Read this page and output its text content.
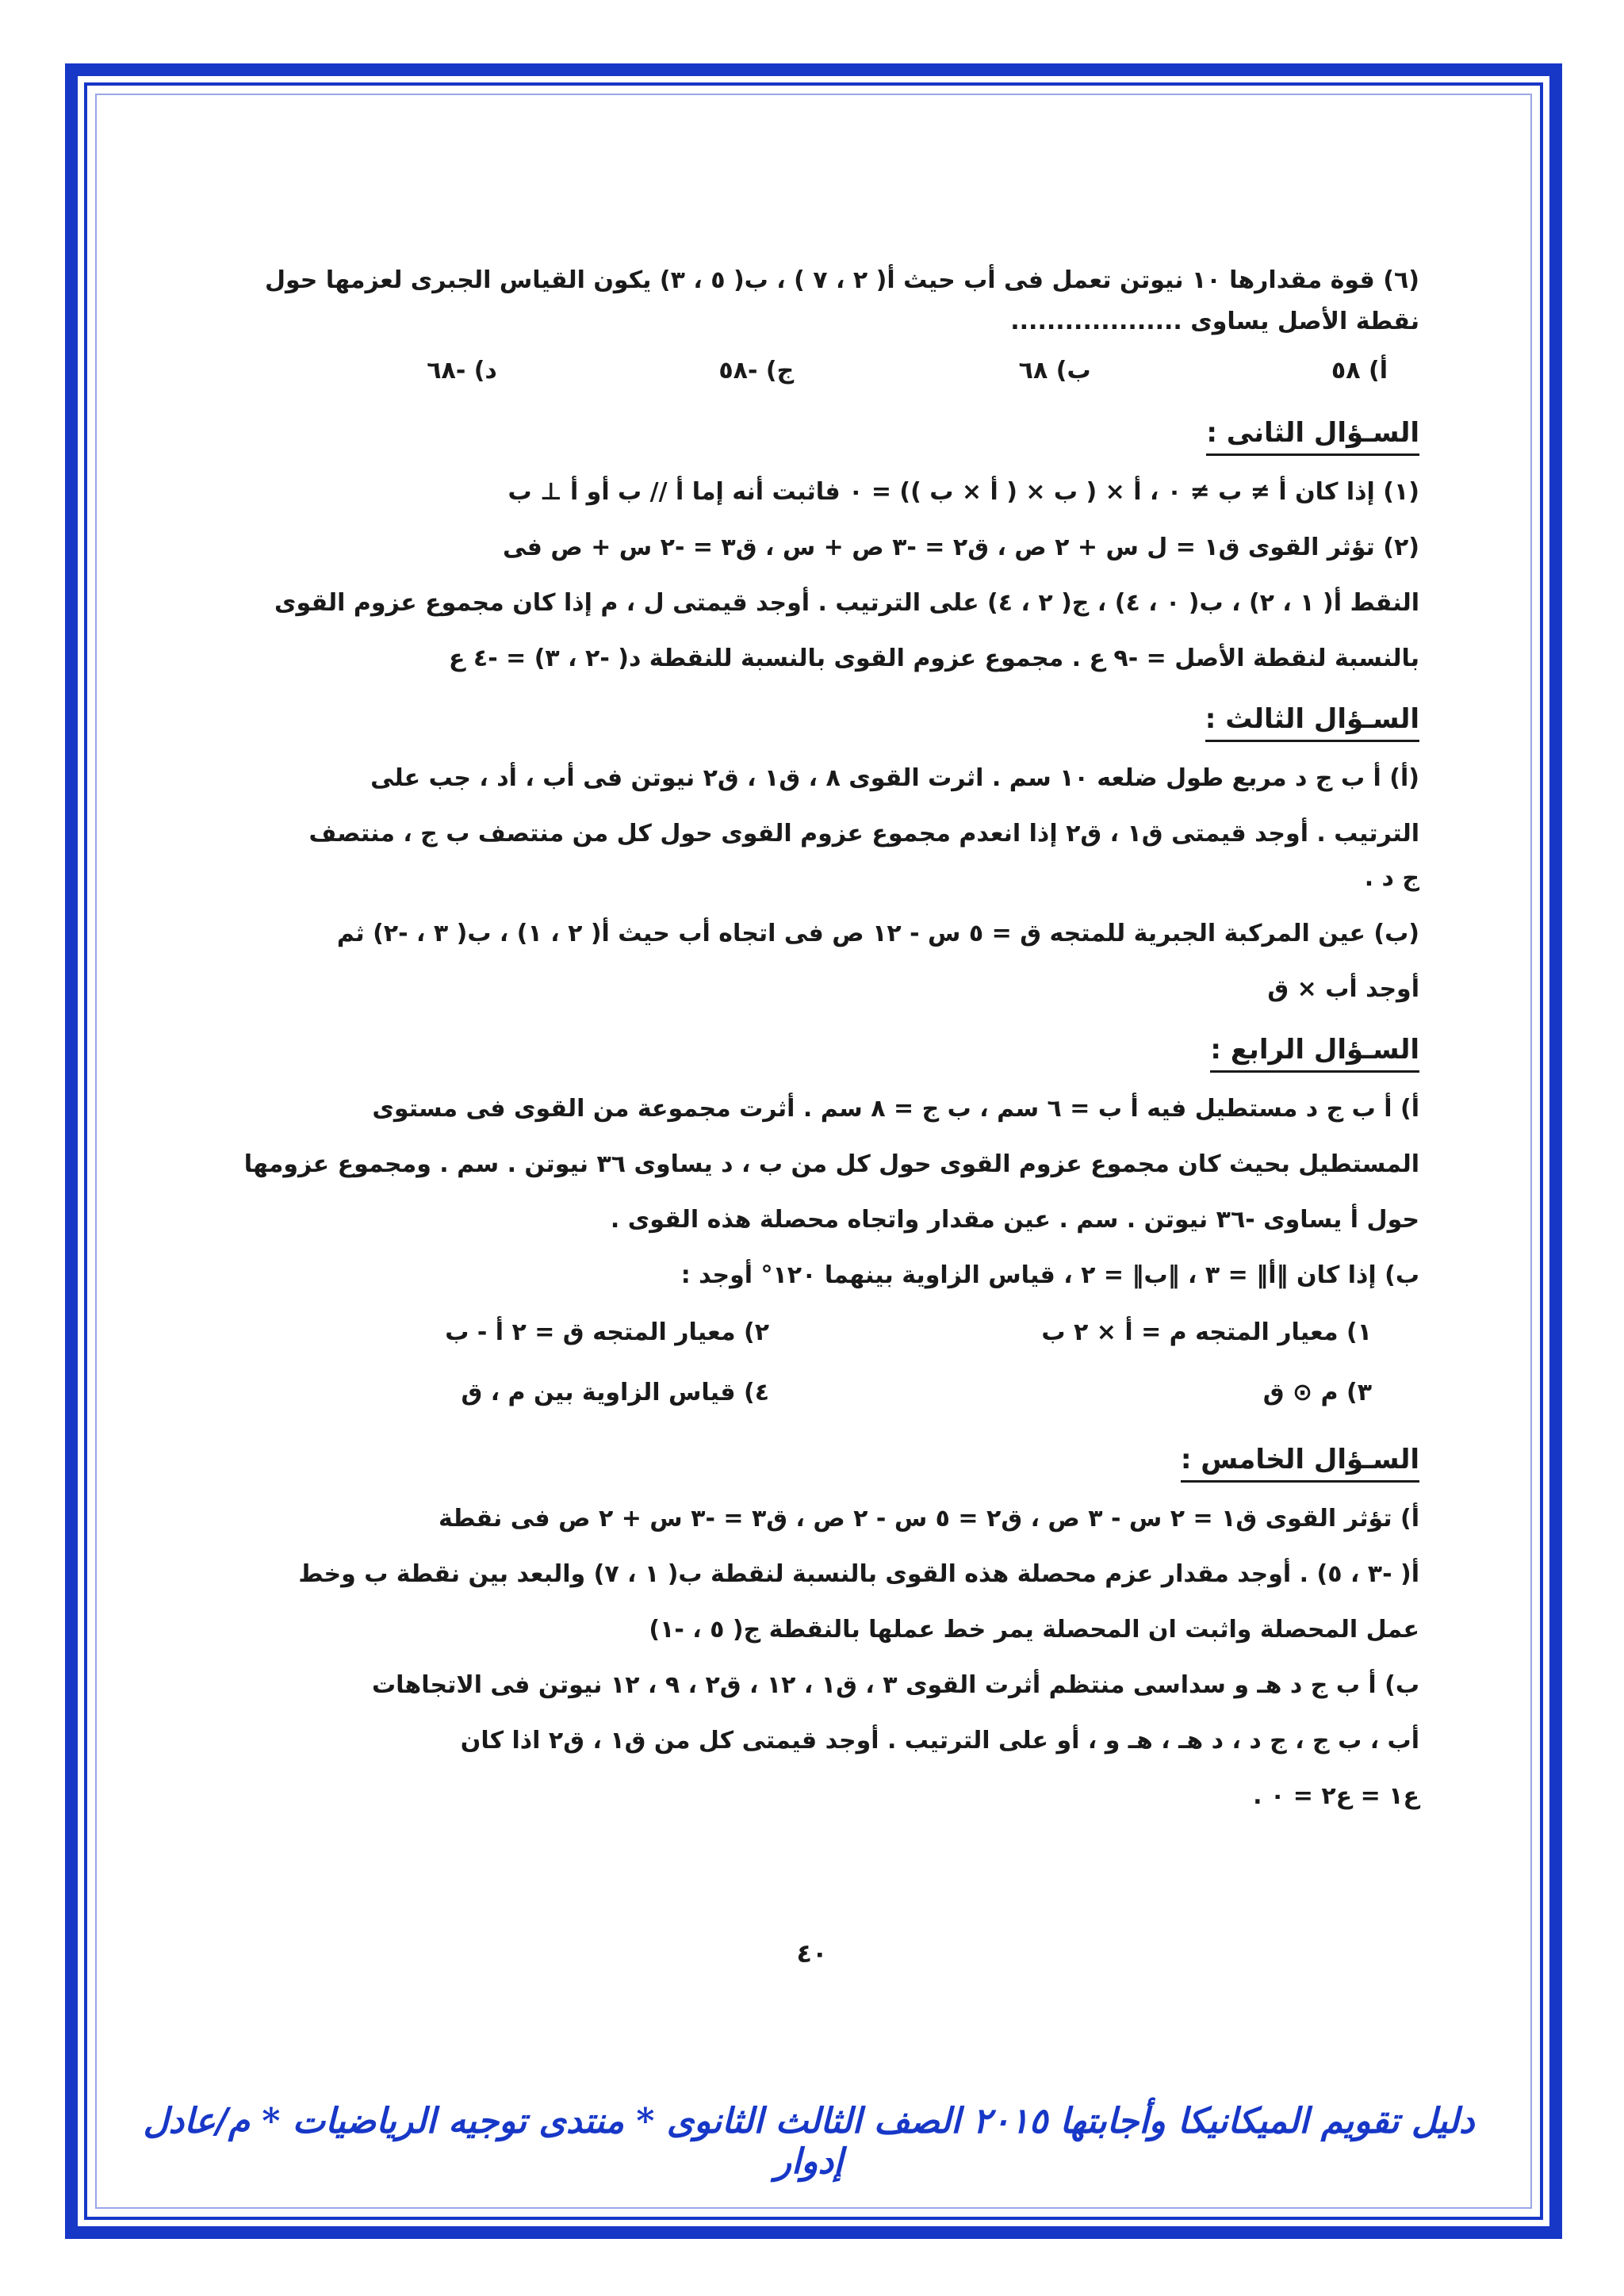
(٦) قوة مقدارها ١٠ نيوتن تعمل فى أب حيث أ( ٢ ، ٧ ) ، ب( ٥ ، ٣) يكون القياس الجبرى لعزمها حول

نقطة الأصل يساوى ...................

أ) ٥٨
ب) ٦٨
ج) -٥٨
د) -٦٨
السـؤال الثانى :

(١) إذا كان أ ≠ ب ≠ ٠ ، أ × ( ب × ( أ × ب )) = ٠ فاثبت أنه إما أ // ب أو أ ⊥ ب

(٢) تؤثر القوى ق١ = ل س + ٢ ص ، ق٢ = -٣ ص + س ، ق٣ = -٢ س + ص فى

النقط أ( ١ ، ٢) ، ب( ٠ ، ٤) ، ج( ٢ ، ٤) على الترتيب . أوجد قيمتى ل ، م إذا كان مجموع عزوم القوى

بالنسبة لنقطة الأصل = -٩ ع . مجموع عزوم القوى بالنسبة للنقطة د( -٢ ، ٣) = -٤ ع

السـؤال الثالث :

(أ) أ ب ج د مربع طول ضلعه ١٠ سم . اثرت القوى ٨ ، ق١ ، ق٢ نيوتن فى أب ، أد ، جب على

الترتيب . أوجد قيمتى ق١ ، ق٢ إذا انعدم مجموع عزوم القوى حول كل من منتصف ب ج ، منتصف

ج د .

(ب) عين المركبة الجبرية للمتجه ق = ٥ س - ١٢ ص فى اتجاه أب حيث أ( ٢ ، ١) ، ب( ٣ ، -٢) ثم

أوجد أب × ق

السـؤال الرابع :

أ) أ ب ج د مستطيل فيه أ ب = ٦ سم ، ب ج = ٨ سم . أثرت مجموعة من القوى فى مستوى

المستطيل بحيث كان مجموع عزوم القوى حول كل من ب ، د يساوى ٣٦ نيوتن . سم . ومجموع عزومها

حول أ يساوى -٣٦ نيوتن . سم . عين مقدار واتجاه محصلة هذه القوى .

ب) إذا كان ‖أ‖ = ٣ ، ‖ب‖ = ٢ ، قياس الزاوية بينهما ١٢٠° أوجد :

١) معيار المتجه م = أ × ٢ ب
٢) معيار المتجه ق = ٢ أ - ب
٣) م ⊙ ق
٤) قياس الزاوية بين م ، ق
السـؤال الخامس :

أ) تؤثر القوى ق١ = ٢ س - ٣ ص ، ق٢ = ٥ س - ٢ ص ، ق٣ = -٣ س + ٢ ص فى نقطة

أ( -٣ ، ٥) . أوجد مقدار عزم محصلة هذه القوى بالنسبة لنقطة ب( ١ ، ٧) والبعد بين نقطة ب وخط

عمل المحصلة واثبت ان المحصلة يمر خط عملها بالنقطة ج( ٥ ، -١)

ب) أ ب ج د هـ و سداسى منتظم أثرت القوى ٣ ، ق١ ، ١٢ ، ق٢ ، ٩ ، ١٢ نيوتن فى الاتجاهات

أب ، ب ج ، ج د ، د هـ ، هـ و ، أو على الترتيب . أوجد قيمتى كل من ق١ ، ق٢ اذا كان

ع١ = ع٢ = ٠ .

٤٠
دليل تقويم الميكانيكا وأجابتها ٢٠١٥ الصف الثالث الثانوى * منتدى توجيه الرياضيات * م/عادل إدوار
